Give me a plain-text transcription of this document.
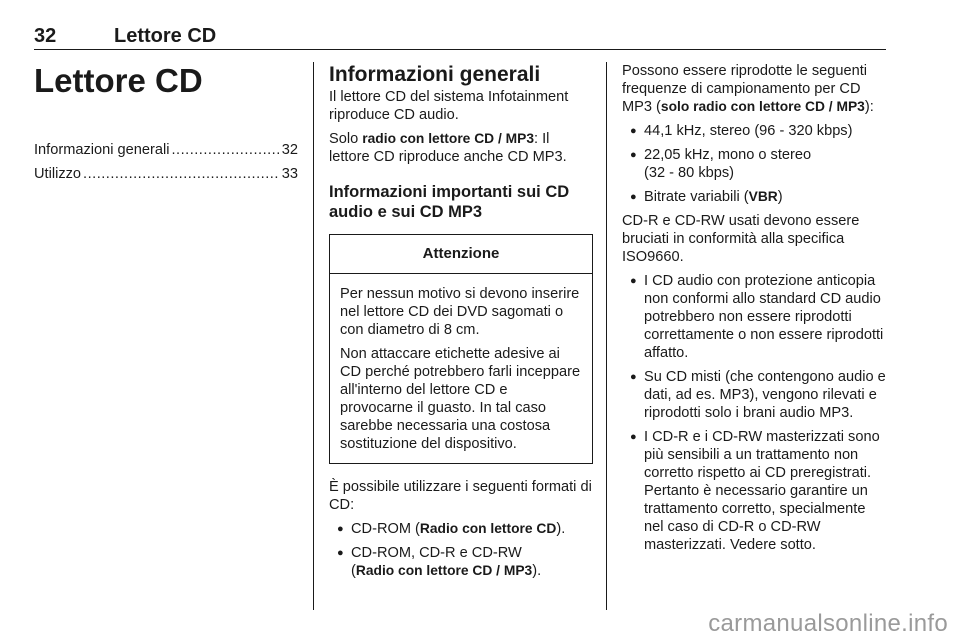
32	Lettore CD
Lettore CD
Informazioni generali .....	32
Utilizzo .....	33
Informazioni generali

Il lettore CD del sistema Infotainment riproduce CD audio.

Solo radio con lettore CD / MP3: Il lettore CD riproduce anche CD MP3.

Informazioni importanti sui CD audio e sui CD MP3
Attenzione

Per nessun motivo si devono inserire nel lettore CD dei DVD sagomati o con diametro di 8 cm.

Non attaccare etichette adesive ai CD perché potrebbero farli inceppare all'interno del lettore CD e provocarne il guasto. In tal caso sarebbe necessaria una costosa sostituzione del dispositivo.

È possibile utilizzare i seguenti formati di CD:

● CD-ROM (Radio con lettore CD).
● CD-ROM, CD-R e CD-RW
(Radio con lettore CD / MP3).

Possono essere riprodotte le seguenti frequenze di campionamento per CD MP3 (solo radio con lettore CD / MP3):

● 44,1 kHz, stereo (96 - 320 kbps)
● 22,05 kHz, mono o stereo
(32 - 80 kbps)
● Bitrate variabili (VBR)

CD-R e CD-RW usati devono essere bruciati in conformità alla specifica ISO9660.

● I CD audio con protezione anticopia non conformi allo standard CD audio potrebbero non essere riprodotti correttamente o non essere riprodotti affatto.
● Su CD misti (che contengono audio e dati, ad es. MP3), vengono rilevati e riprodotti solo i brani audio MP3.
● I CD-R e i CD-RW masterizzati sono più sensibili a un trattamento non corretto rispetto ai CD preregistrati. Pertanto è necessario garantire un trattamento corretto, specialmente nel caso di CD-R o CD-RW masterizzati. Vedere sotto.
carmanualsonline.info
